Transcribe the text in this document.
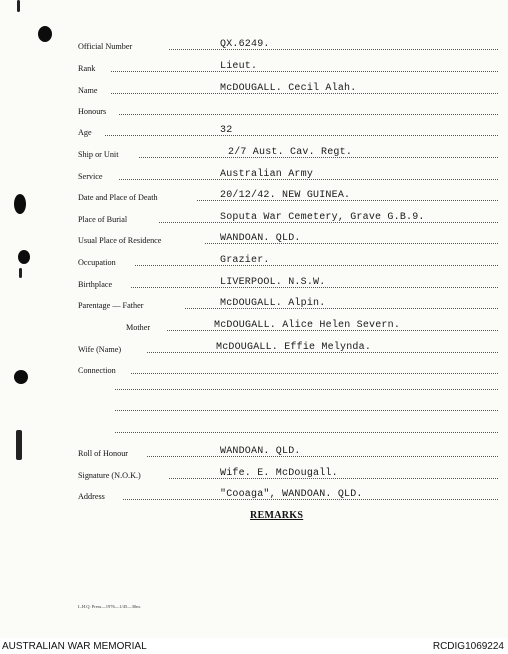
Official Number	QX.6249.
Rank	Lieut.
Name	McDOUGALL. Cecil Alah.
Honours
Age	32
Ship or Unit	2/7 Aust. Cav. Regt.
Service	Australian Army
Date and Place of Death	20/12/42. NEW GUINEA.
Place of Burial	Soputa War Cemetery, Grave G.B.9.
Usual Place of Residence	WANDOAN. QLD.
Occupation	Grazier.
Birthplace	LIVERPOOL. N.S.W.
Parentage — Father	McDOUGALL. Alpin.
Mother	McDOUGALL. Alice Helen Severn.
Wife (Name)	McDOUGALL. Effie Melynda.
Connection
Roll of Honour	WANDOAN. QLD.
Signature (N.O.K.)	Wife. E. McDougall.
Address	"Cooaga", WANDOAN. QLD.
REMARKS
L.H.Q. Press—1976—1/45—30m.
AUSTRALIAN WAR MEMORIAL	RCDIG1069224
